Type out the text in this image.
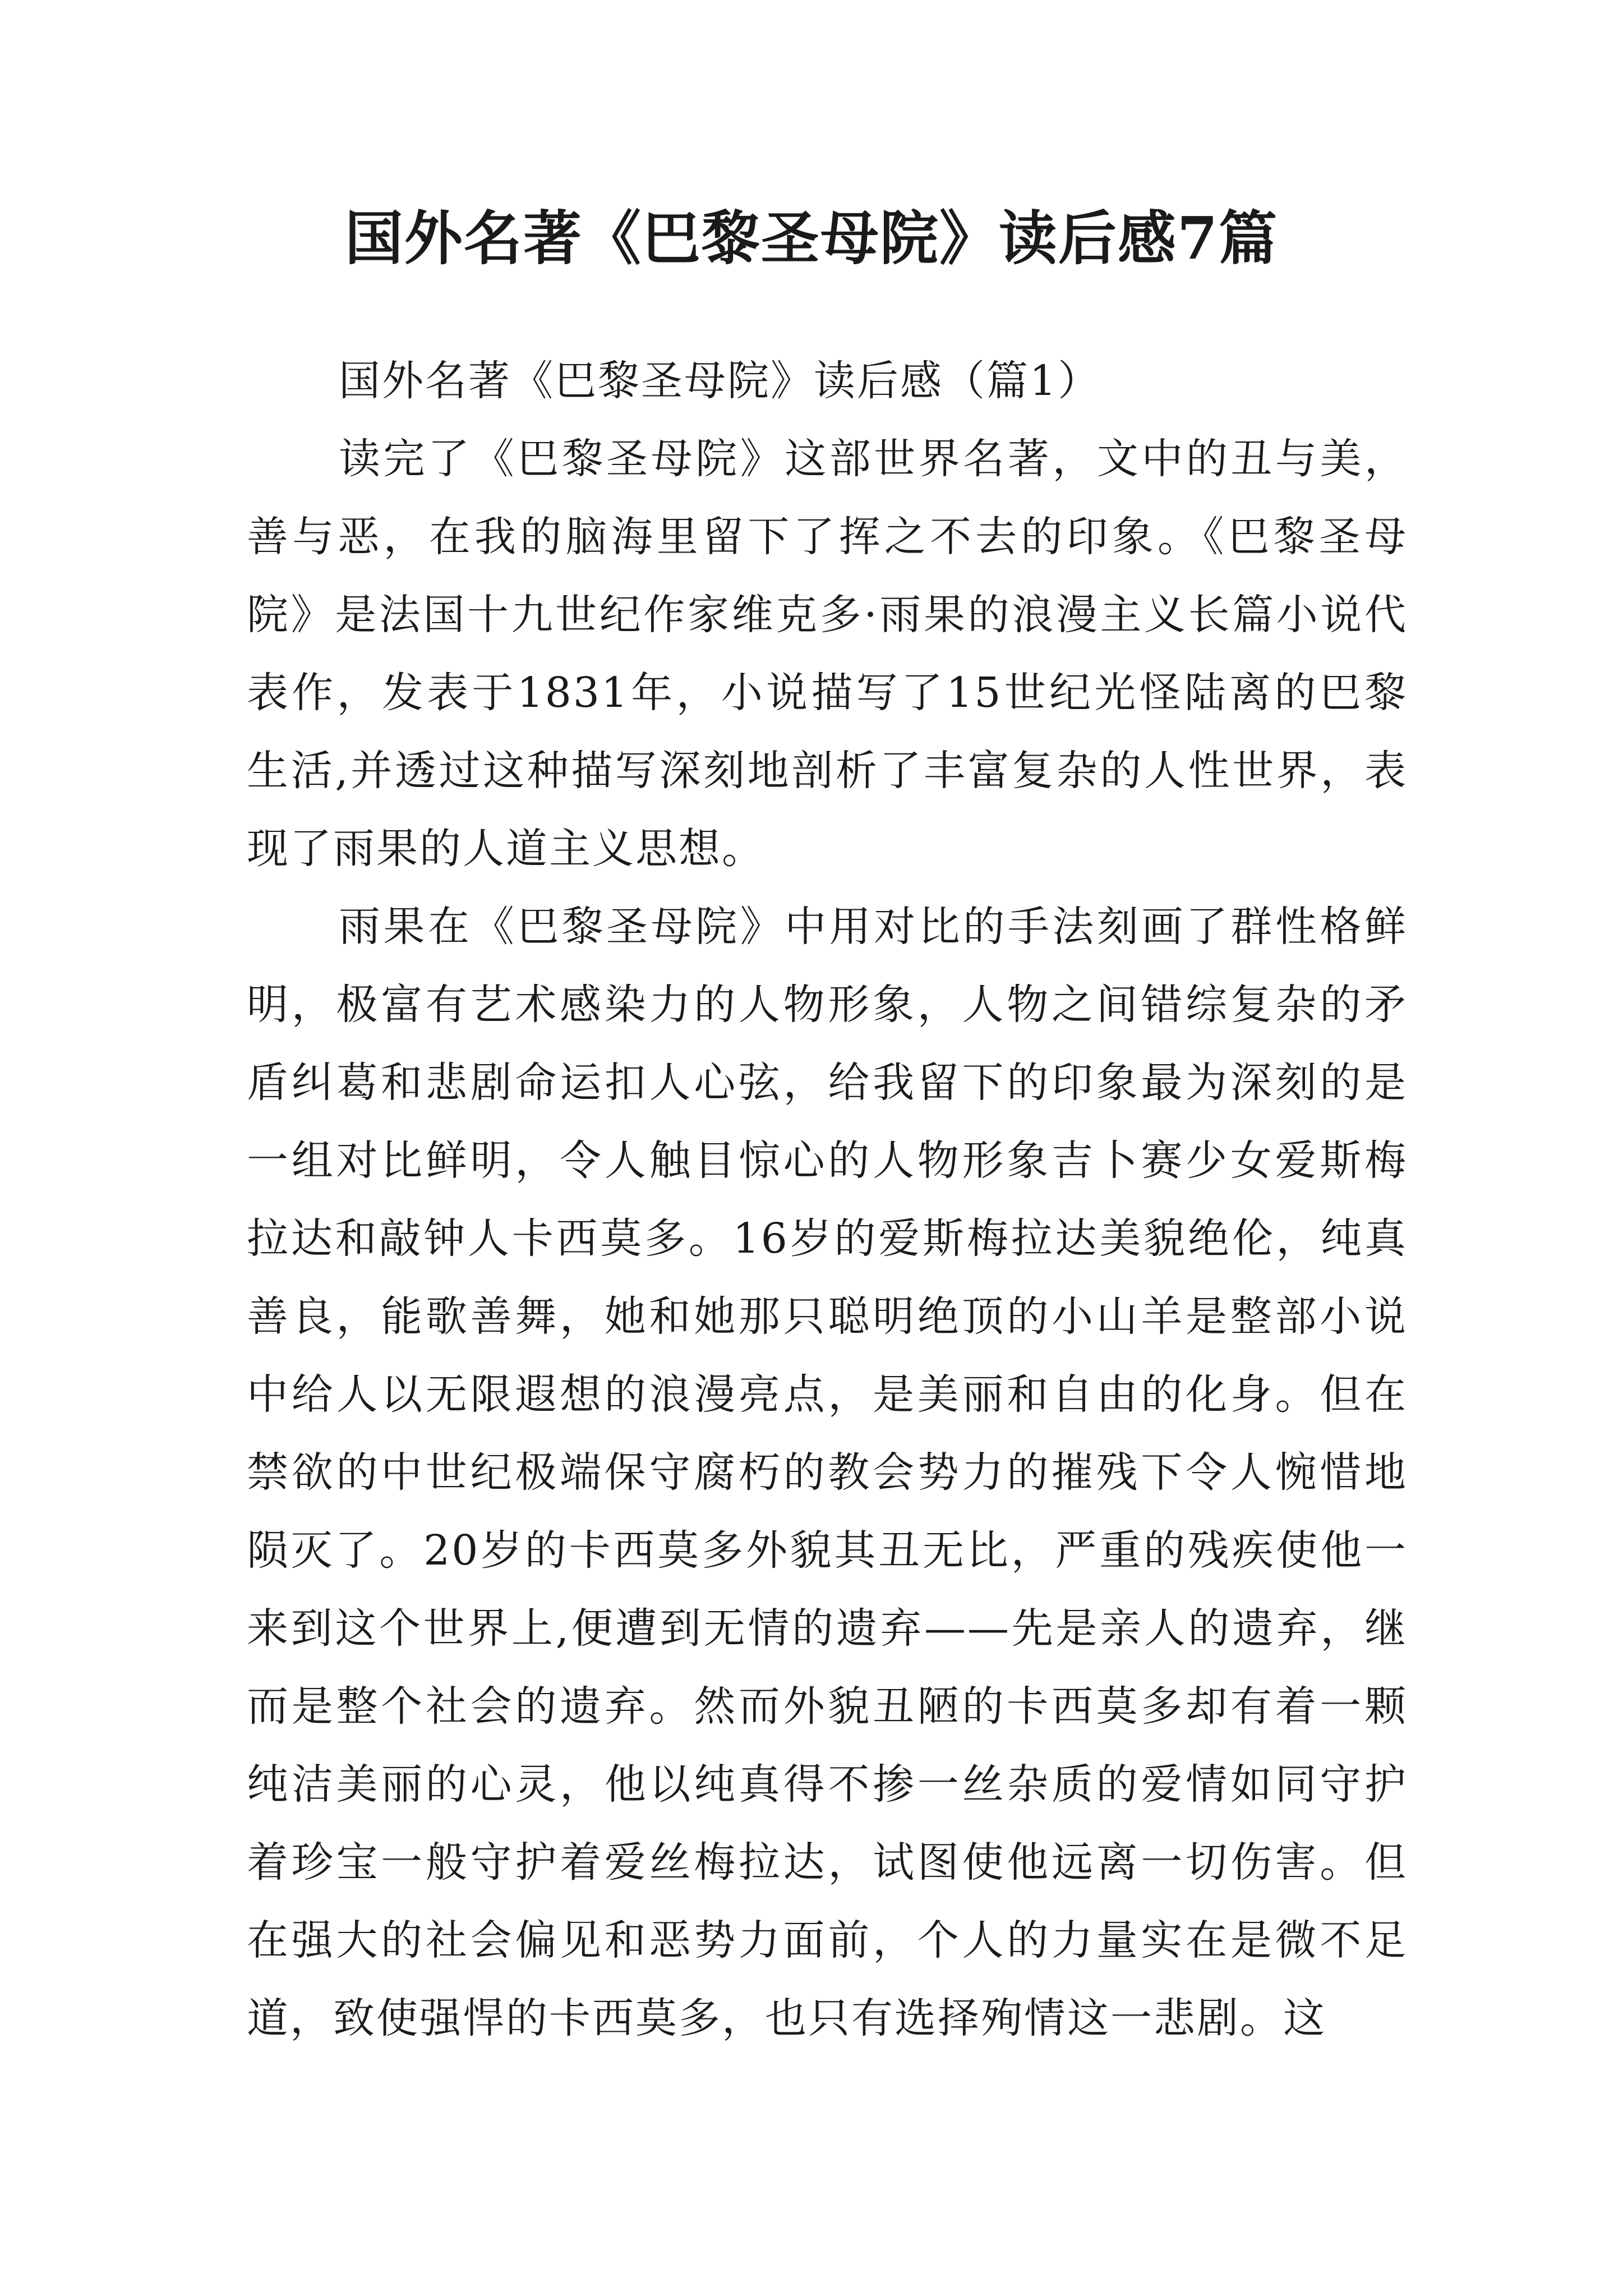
国外名著《巴黎圣母院》读后感7篇

国外名著《巴黎圣母院》读后感（篇1）

读完了《巴黎圣母院》这部世界名著，文中的丑与美，善与恶，在我的脑海里留下了挥之不去的印象。《巴黎圣母院》是法国十九世纪作家维克多·雨果的浪漫主义长篇小说代表作，发表于1831年，小说描写了15世纪光怪陆离的巴黎生活,并透过这种描写深刻地剖析了丰富复杂的人性世界，表现了雨果的人道主义思想。

雨果在《巴黎圣母院》中用对比的手法刻画了群性格鲜明，极富有艺术感染力的人物形象，人物之间错综复杂的矛盾纠葛和悲剧命运扣人心弦，给我留下的印象最为深刻的是一组对比鲜明，令人触目惊心的人物形象吉卜赛少女爱斯梅拉达和敲钟人卡西莫多。16岁的爱斯梅拉达美貌绝伦，纯真善良，能歌善舞，她和她那只聪明绝顶的小山羊是整部小说中给人以无限遐想的浪漫亮点，是美丽和自由的化身。但在禁欲的中世纪极端保守腐朽的教会势力的摧残下令人惋惜地陨灭了。20岁的卡西莫多外貌其丑无比，严重的残疾使他一来到这个世界上,便遭到无情的遗弃——先是亲人的遗弃，继而是整个社会的遗弃。然而外貌丑陋的卡西莫多却有着一颗纯洁美丽的心灵，他以纯真得不掺一丝杂质的爱情如同守护着珍宝一般守护着爱丝梅拉达，试图使他远离一切伤害。但在强大的社会偏见和恶势力面前，个人的力量实在是微不足道，致使强悍的卡西莫多，也只有选择殉情这一悲剧。这
